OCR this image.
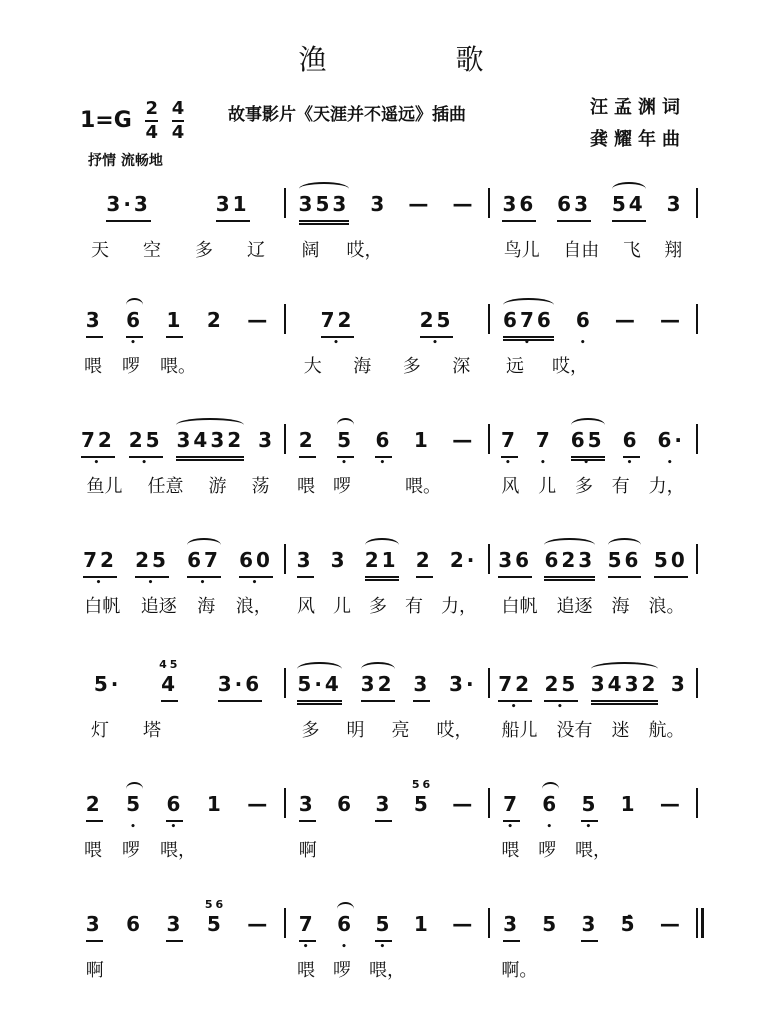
渔 歌
$1=G \frac{2}{4}$
$\frac{4}{4}$	故事影片《天涯并不遥远》插曲	汪孟渊词
龚耀年曲
抒情 流畅地
3·3	31
天 空 多 辽
353 3 — —
阔 哎，
36 63 54 3
鸟儿 自由 飞 翔
3 6 • 1 2 —
喂 啰 喂。
72 •	25 •
大 海 多 深
676 • 6 • — —
远 哎，
72 • 25 • 3432 3
鱼儿 任意 游 荡
2 5 • 6 • 1 —
喂 啰	喂。
7 • 7 • 65 • 6 • 6· •
风 儿 多 有 力，
72 • 25 • 67 • 60 •
白帆 追逐 海 浪，
3 3 21 2 2·
风 儿 多 有 力，
36 623 56 50
白帆 追逐 海 浪。
5·
45
4 3·6
灯 塔
5·4 32 3 3·
多 明 亮 哎，
72 • 25 • 3432 3
船儿 没有 迷 航。
2 5 • 6 • 1 —
喂 啰 喂，
3 6 3
56
5 —
啊
7 • 6 • 5 • 1 —
喂 啰 喂，
3 6 3
56
5 —
啊
7 • 6 • 5 • 1 —
喂 啰 喂，
3 5 3 5̂ —
啊。
